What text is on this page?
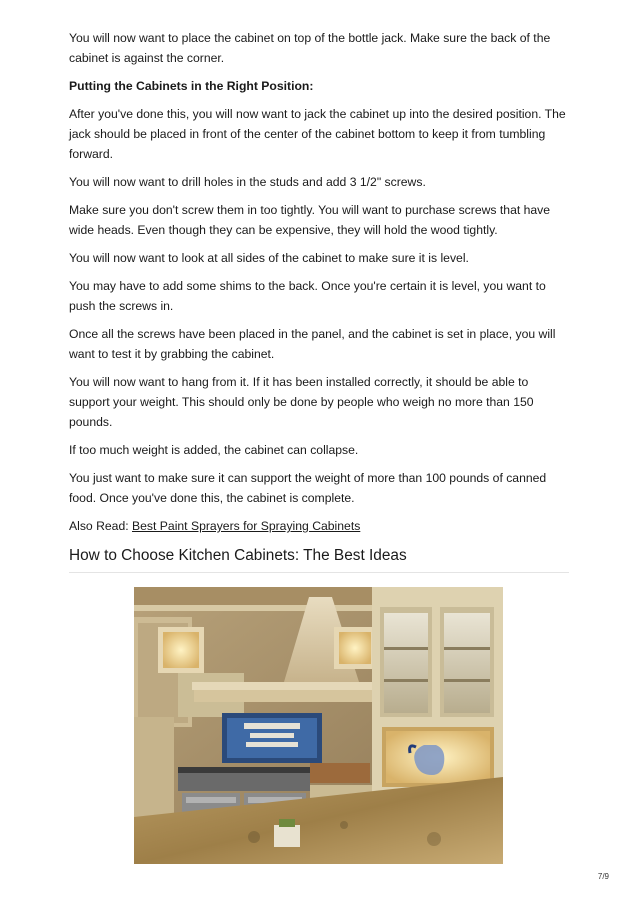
You will now want to place the cabinet on top of the bottle jack. Make sure the back of the cabinet is against the corner.

Putting the Cabinets in the Right Position:

After you've done this, you will now want to jack the cabinet up into the desired position. The jack should be placed in front of the center of the cabinet bottom to keep it from tumbling forward.

You will now want to drill holes in the studs and add 3 1/2" screws.

Make sure you don't screw them in too tightly. You will want to purchase screws that have wide heads. Even though they can be expensive, they will hold the wood tightly.

You will now want to look at all sides of the cabinet to make sure it is level.

You may have to add some shims to the back. Once you're certain it is level, you want to push the screws in.

Once all the screws have been placed in the panel, and the cabinet is set in place, you will want to test it by grabbing the cabinet.

You will now want to hang from it. If it has been installed correctly, it should be able to support your weight. This should only be done by people who weigh no more than 150 pounds.

If too much weight is added, the cabinet can collapse.

You just want to make sure it can support the weight of more than 100 pounds of canned food. Once you've done this, the cabinet is complete.

Also Read: Best Paint Sprayers for Spraying Cabinets

How to Choose Kitchen Cabinets: The Best Ideas
7/9
